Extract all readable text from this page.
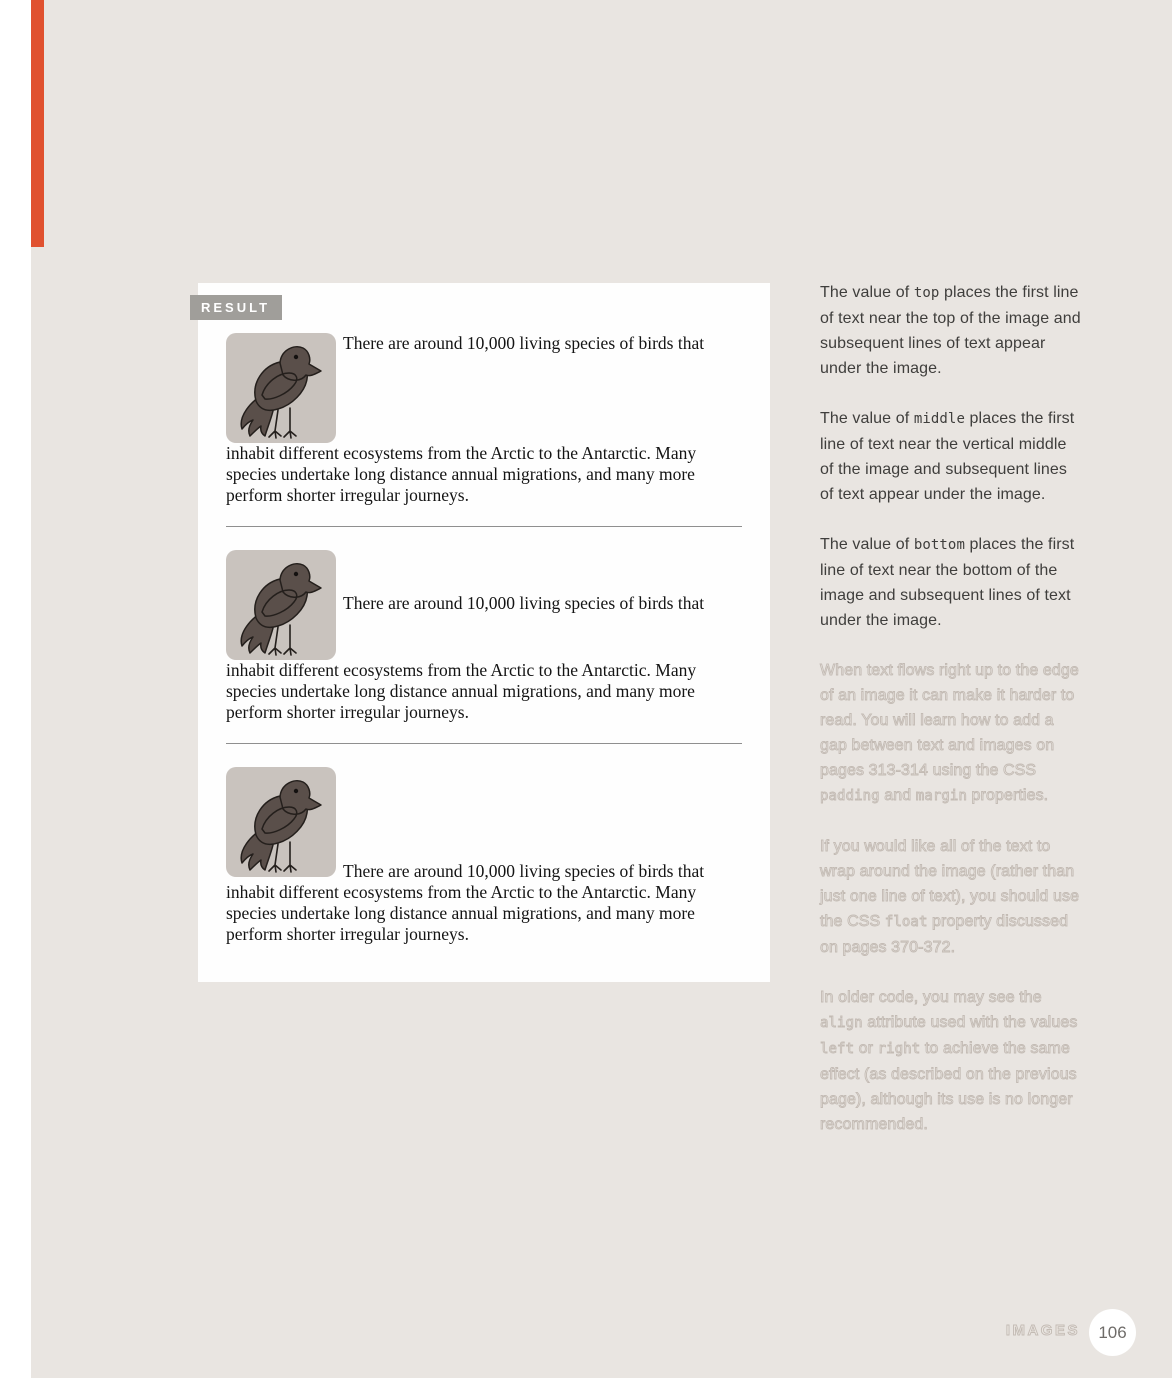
RESULT

There are around 10,000 living species of birds that inhabit different ecosystems from the Arctic to the Antarctic. Many species undertake long distance annual migrations, and many more perform shorter irregular journeys.

There are around 10,000 living species of birds that inhabit different ecosystems from the Arctic to the Antarctic. Many species undertake long distance annual migrations, and many more perform shorter irregular journeys.

There are around 10,000 living species of birds that inhabit different ecosystems from the Arctic to the Antarctic. Many species undertake long distance annual migrations, and many more perform shorter irregular journeys.

The value of top places the first line of text near the top of the image and subsequent lines of text appear under the image.

The value of middle places the first line of text near the vertical middle of the image and subsequent lines of text appear under the image.

The value of bottom places the first line of text near the bottom of the image and subsequent lines of text under the image.

When text flows right up to the edge of an image it can make it harder to read. You will learn how to add a gap between text and images on pages 313-314 using the CSS padding and margin properties.

If you would like all of the text to wrap around the image (rather than just one line of text), you should use the CSS float property discussed on pages 370-372.

In older code, you may see the align attribute used with the values left or right to achieve the same effect (as described on the previous page), although its use is no longer recommended.

IMAGES 106
